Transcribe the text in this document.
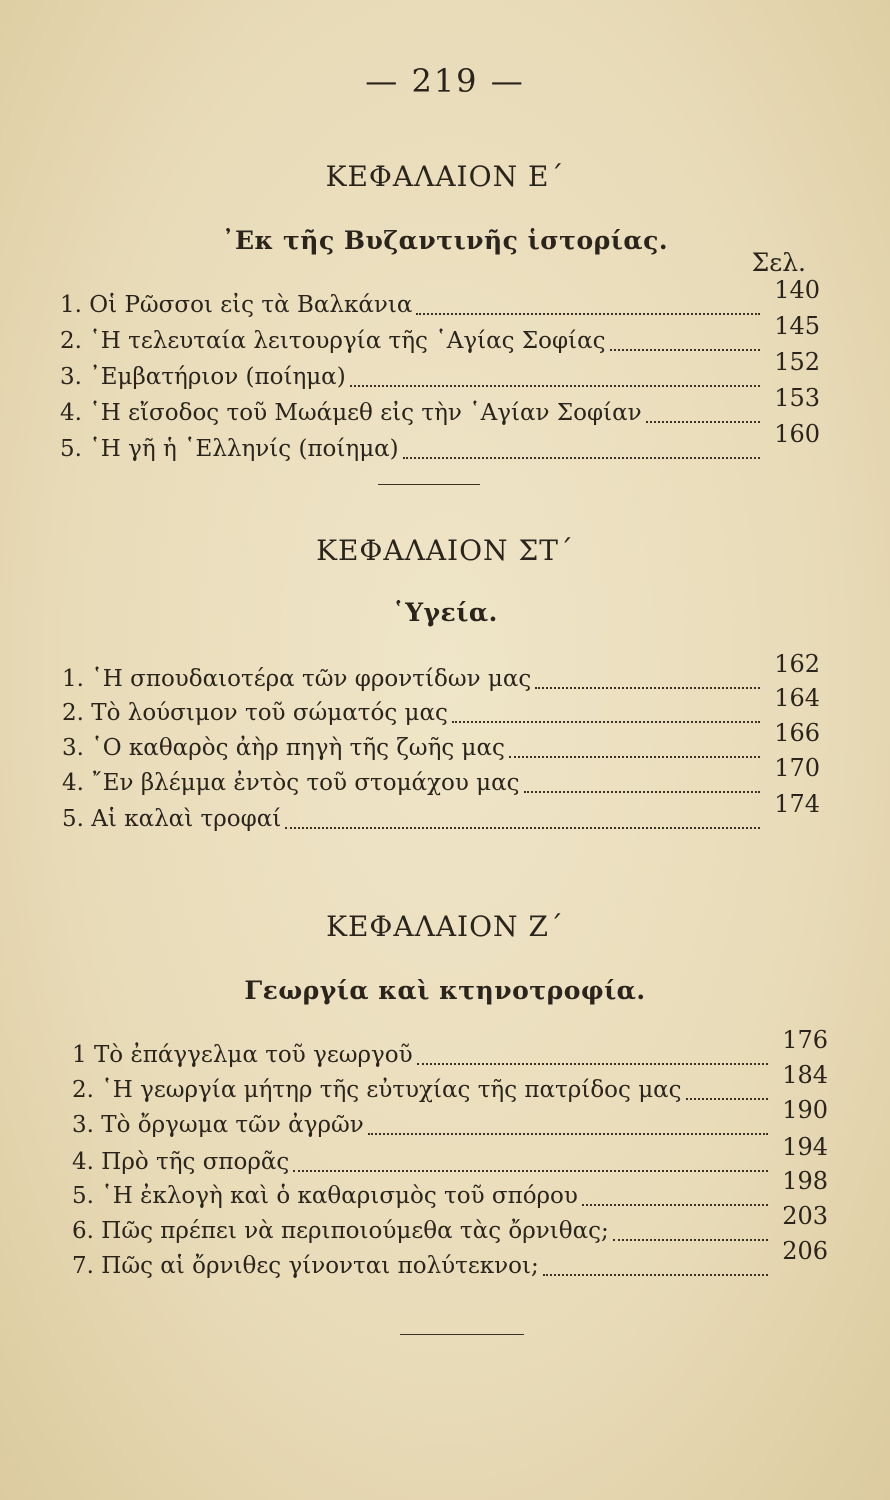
— 219 —
ΚΕΦΑΛΑΙΟΝ Ε΄
᾿Εκ τῆς Βυζαντινῆς ἱστορίας.
Σελ.
1. Οἱ Ρῶσσοι εἰς τὰ Βαλκάνια
140
2. ῾Η τελευταία λειτουργία τῆς ῾Αγίας Σοφίας
145
3. ᾿Εμβατήριον (ποίημα)
152
4. ῾Η εἴσοδος τοῦ Μωάμεθ εἰς τὴν ῾Αγίαν Σοφίαν
153
5. ῾Η γῆ ἡ ῾Ελληνίς (ποίημα)
160
ΚΕΦΑΛΑΙΟΝ ΣΤ΄
῾Υγεία.
1. ῾Η σπουδαιοτέρα τῶν φροντίδων μας
162
2. Τὸ λούσιμον τοῦ σώματός μας
164
3. ῾Ο καθαρὸς ἀὴρ πηγὴ τῆς ζωῆς μας
166
4. ῎Εν βλέμμα ἐντὸς τοῦ στομάχου μας
170
5. Αἱ καλαὶ τροφαί
174
ΚΕΦΑΛΑΙΟΝ Ζ΄
Γεωργία καὶ κτηνοτροφία.
1 Τὸ ἐπάγγελμα τοῦ γεωργοῦ
176
2. ῾Η γεωργία μήτηρ τῆς εὐτυχίας τῆς πατρίδος μας
184
3. Τὸ ὄργωμα τῶν ἀγρῶν
190
4. Πρὸ τῆς σπορᾶς
194
5. ῾Η ἐκλογὴ καὶ ὁ καθαρισμὸς τοῦ σπόρου
198
6. Πῶς πρέπει νὰ περιποιούμεθα τὰς ὄρνιθας;
203
7. Πῶς αἱ ὄρνιθες γίνονται πολύτεκνοι;
206
